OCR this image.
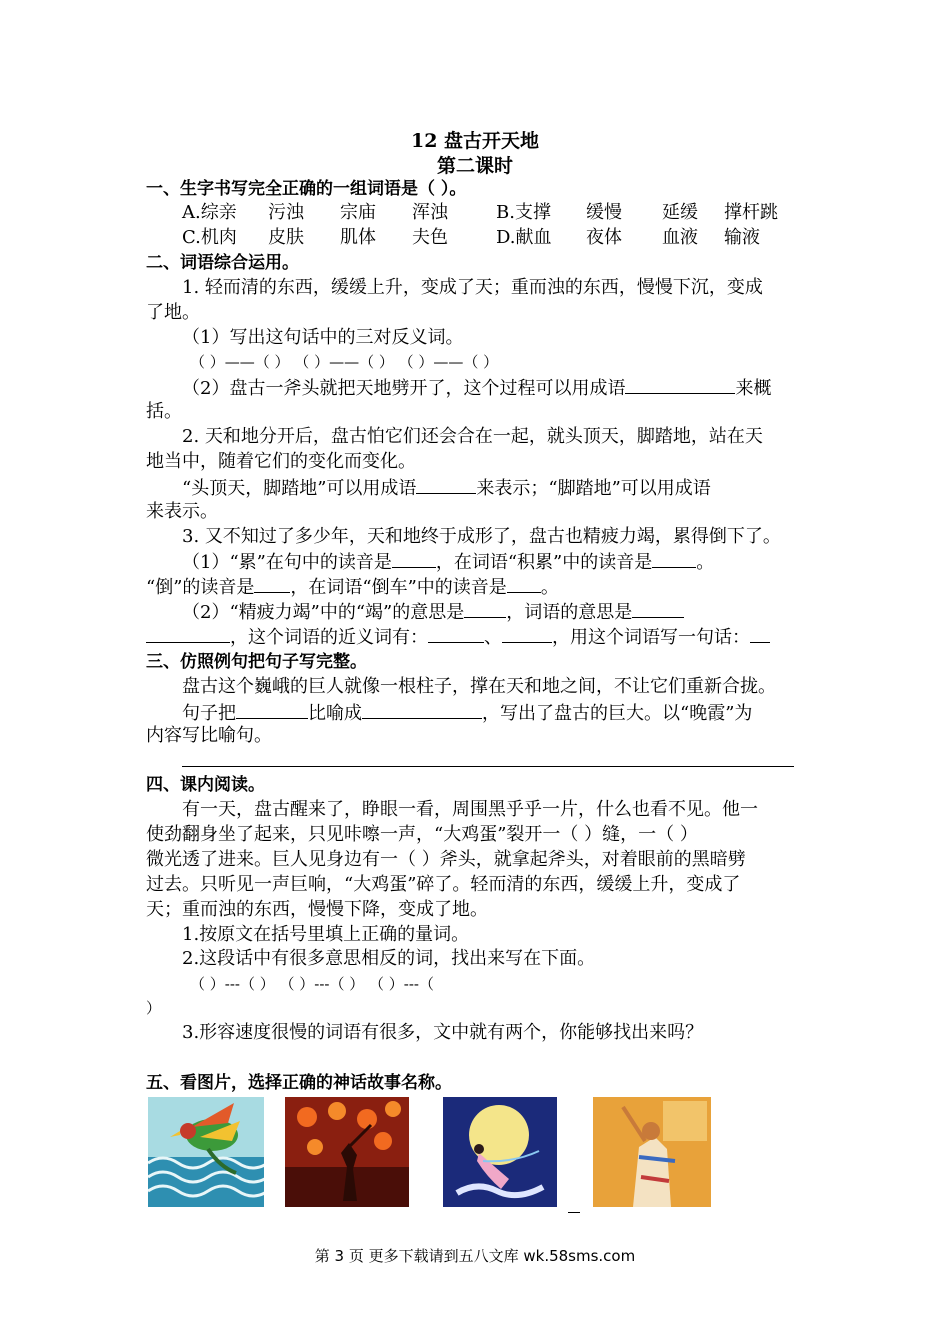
12 盘古开天地
第二课时
一、生字书写完全正确的一组词语是（ ）。
A.综亲 污浊 宗庙 浑浊	B.支撑 缓慢 延缓 撑杆跳
C.机肉 皮肤 肌体 夫色	D.献血 夜体 血液 输液
二、词语综合运用。
1. 轻而清的东西，缓缓上升，变成了天；重而浊的东西，慢慢下沉，变成
了地。
（1）写出这句话中的三对反义词。
（ ）——（ ） （ ）——（ ） （ ）——（ ）
（2）盘古一斧头就把天地劈开了，这个过程可以用成语	来概
括。
2. 天和地分开后，盘古怕它们还会合在一起，就头顶天，脚踏地，站在天
地当中，随着它们的变化而变化。
“头顶天，脚踏地”可以用成语	来表示；“脚踏地”可以用成语
来表示。
3. 又不知过了多少年，天和地终于成形了，盘古也精疲力竭，累得倒下了。
（1）“累”在句中的读音是 ，在词语“积累”中的读音是 。
“倒”的读音是 ，在词语“倒车”中的读音是 。
（2）“精疲力竭”中的“竭”的意思是 ，词语的意思是
，这个词语的近义词有：	、	，用这个词语写一句话：
三、仿照例句把句子写完整。
盘古这个巍峨的巨人就像一根柱子，撑在天和地之间，不让它们重新合拢。
句子把	比喻成	，写出了盘古的巨大。以“晚霞”为
内容写比喻句。
四、课内阅读。
有一天，盘古醒来了，睁眼一看，周围黑乎乎一片，什么也看不见。他一
使劲翻身坐了起来，只见咔嚓一声，“大鸡蛋”裂开一（ ）缝，一（ ）
微光透了进来。巨人见身边有一（ ）斧头，就拿起斧头，对着眼前的黑暗劈
过去。只听见一声巨响，“大鸡蛋”碎了。轻而清的东西，缓缓上升，变成了
天；重而浊的东西，慢慢下降，变成了地。
1.按原文在括号里填上正确的量词。
2.这段话中有很多意思相反的词，找出来写在下面。
（ ）---（ ） （ ）---（ ） （ ）---（
）
3.形容速度很慢的词语有很多，文中就有两个，你能够找出来吗？
五、看图片，选择正确的神话故事名称。
第 3 页 更多下载请到五八文库 wk.58sms.com
